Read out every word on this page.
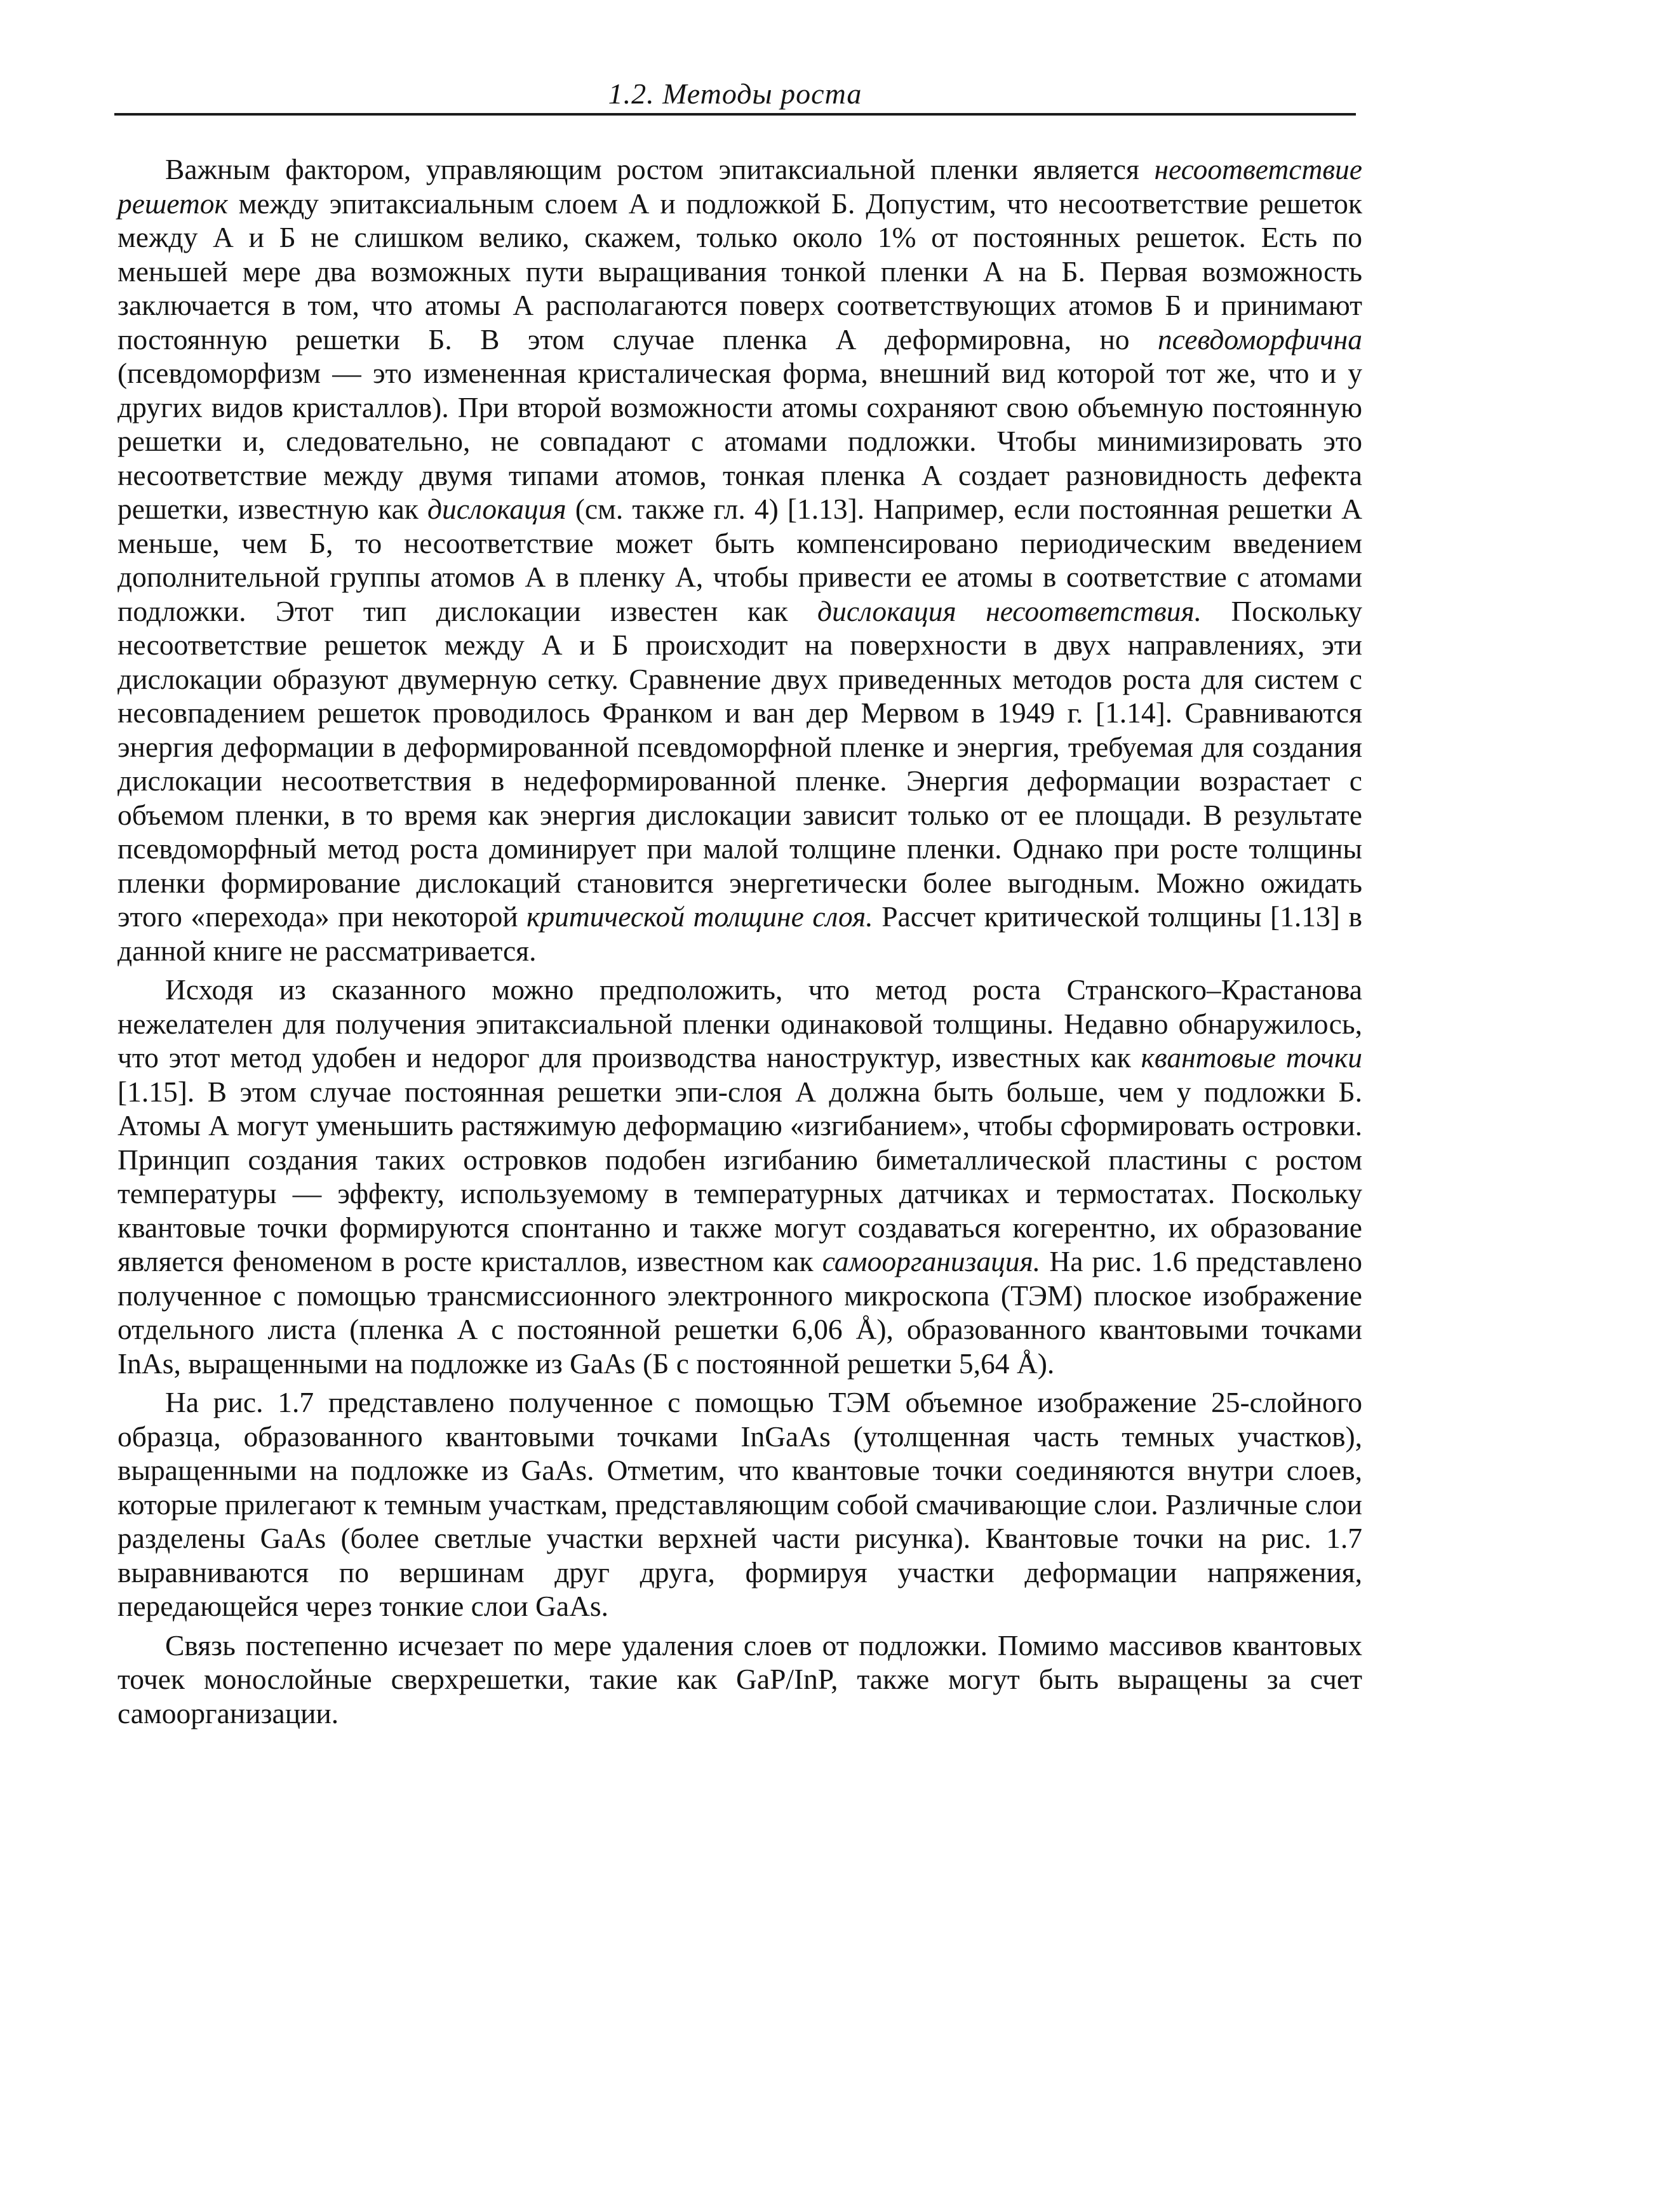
1.2. Методы роста

Важным фактором, управляющим ростом эпитаксиальной пленки является несоответствие решеток между эпитаксиальным слоем А и подложкой Б. Допустим, что несоответствие решеток между А и Б не слишком велико, скажем, только около 1% от постоянных решеток. Есть по меньшей мере два возможных пути выращивания тонкой пленки А на Б. Первая возможность заключается в том, что атомы А располагаются поверх соответствующих атомов Б и принимают постоянную решетки Б. В этом случае пленка А деформировна, но псевдоморфична (псевдоморфизм — это измененная кристалическая форма, внешний вид которой тот же, что и у других видов кристаллов). При второй возможности атомы сохраняют свою объемную постоянную решетки и, следовательно, не совпадают с атомами подложки. Чтобы минимизировать это несоответствие между двумя типами атомов, тонкая пленка А создает разновидность дефекта решетки, известную как дислокация (см. также гл. 4) [1.13]. Например, если постоянная решетки А меньше, чем Б, то несоответствие может быть компенсировано периодическим введением дополнительной группы атомов А в пленку А, чтобы привести ее атомы в соответствие с атомами подложки. Этот тип дислокации известен как дислокация несоответствия. Поскольку несоответствие решеток между А и Б происходит на поверхности в двух направлениях, эти дислокации образуют двумерную сетку. Сравнение двух приведенных методов роста для систем с несовпадением решеток проводилось Франком и ван дер Мервом в 1949 г. [1.14]. Сравниваются энергия деформации в деформированной псевдоморфной пленке и энергия, требуемая для создания дислокации несоответствия в недеформированной пленке. Энергия деформации возрастает с объемом пленки, в то время как энергия дислокации зависит только от ее площади. В результате псевдоморфный метод роста доминирует при малой толщине пленки. Однако при росте толщины пленки формирование дислокаций становится энергетически более выгодным. Можно ожидать этого «перехода» при некоторой критической толщине слоя. Рассчет критической толщины [1.13] в данной книге не рассматривается.

Исходя из сказанного можно предположить, что метод роста Странского–Крастанова нежелателен для получения эпитаксиальной пленки одинаковой толщины. Недавно обнаружилось, что этот метод удобен и недорог для производства наноструктур, известных как квантовые точки [1.15]. В этом случае постоянная решетки эпи-слоя А должна быть больше, чем у подложки Б. Атомы А могут уменьшить растяжимую деформацию «изгибанием», чтобы сформировать островки. Принцип создания таких островков подобен изгибанию биметаллической пластины с ростом температуры — эффекту, используемому в температурных датчиках и термостатах. Поскольку квантовые точки формируются спонтанно и также могут создаваться когерентно, их образование является феноменом в росте кристаллов, известном как самоорганизация. На рис. 1.6 представлено полученное с помощью трансмиссионного электронного микроскопа (ТЭМ) плоское изображение отдельного листа (пленка А с постоянной решетки 6,06 Å), образованного квантовыми точками InAs, выращенными на подложке из GaAs (Б с постоянной решетки 5,64 Å).

На рис. 1.7 представлено полученное с помощью ТЭМ объемное изображение 25-слойного образца, образованного квантовыми точками InGaAs (утолщенная часть темных участков), выращенными на подложке из GaAs. Отметим, что квантовые точки соединяются внутри слоев, которые прилегают к темным участкам, представляющим собой смачивающие слои. Различные слои разделены GaAs (более светлые участки верхней части рисунка). Квантовые точки на рис. 1.7 выравниваются по вершинам друг друга, формируя участки деформации напряжения, передающейся через тонкие слои GaAs.

Связь постепенно исчезает по мере удаления слоев от подложки. Помимо массивов квантовых точек монослойные сверхрешетки, такие как GaP/InP, также могут быть выращены за счет самоорганизации.
